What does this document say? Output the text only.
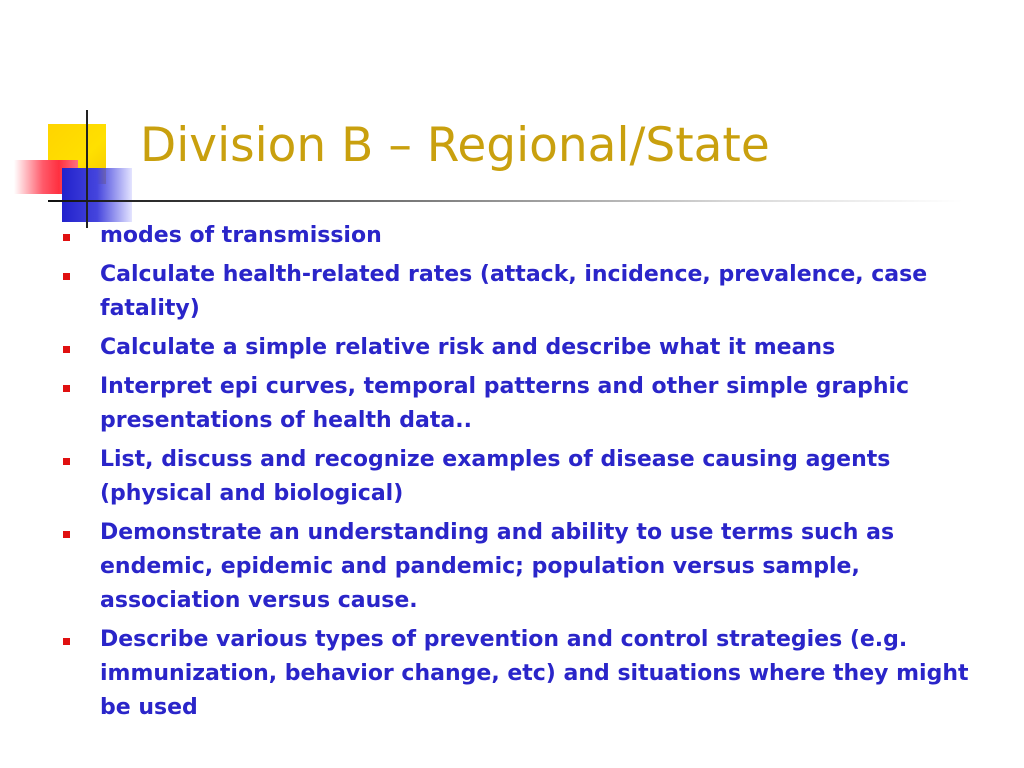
Division B – Regional/State
modes of transmission
Calculate health-related rates (attack, incidence, prevalence, case fatality)
Calculate a simple relative risk and describe what it means
Interpret epi curves, temporal patterns and other simple graphic presentations of health data..
List, discuss and recognize examples of disease causing agents (physical and biological)
Demonstrate an understanding and ability to use terms such as endemic, epidemic and pandemic; population versus sample, association versus cause.
Describe various types of prevention and control strategies (e.g. immunization, behavior change, etc) and situations where they might be used
